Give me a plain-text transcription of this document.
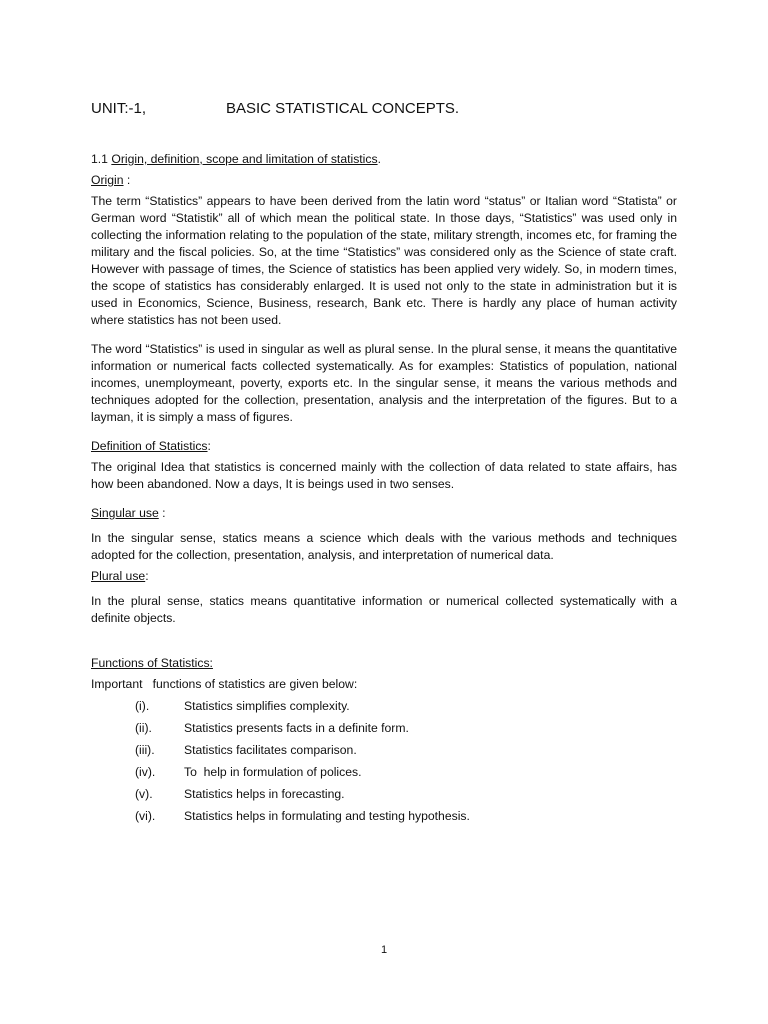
UNIT:-1,	BASIC STATISTICAL CONCEPTS.

1.1 Origin, definition, scope and limitation of statistics.

Origin :

The term “Statistics” appears to have been derived from the latin word “status” or Italian word “Statista” or German word “Statistik” all of which mean the political state. In those days, “Statistics” was used only in collecting the information relating to the population of the state, military strength, incomes etc, for framing the military and the fiscal policies. So, at the time “Statistics” was considered only as the Science of state craft. However with passage of times, the Science of statistics has been applied very widely. So, in modern times, the scope of statistics has considerably enlarged. It is used not only to the state in administration but it is used in Economics, Science, Business, research, Bank etc. There is hardly any place of human activity where statistics has not been used.

The word “Statistics” is used in singular as well as plural sense. In the plural sense, it means the quantitative information or numerical facts collected systematically. As for examples: Statistics of population, national incomes, unemploymeant, poverty, exports etc. In the singular sense, it means the various methods and techniques adopted for the collection, presentation, analysis and the interpretation of the figures. But to a layman, it is simply a mass of figures.

Definition of Statistics:

The original Idea that statistics is concerned mainly with the collection of data related to state affairs, has how been abandoned. Now a days, It is beings used in two senses.

Singular use :

In the singular sense, statics means a science which deals with the various methods and techniques adopted for the collection, presentation, analysis, and interpretation of numerical data.

Plural use:

In the plural sense, statics means quantitative information or numerical collected systematically with a definite objects.

Functions of Statistics:

Important   functions of statistics are given below:

(i).	Statistics simplifies complexity.
(ii).	Statistics presents facts in a definite form.
(iii). Statistics facilitates comparison.
(iv). To  help in formulation of polices.
(v).	Statistics helps in forecasting.
(vi). Statistics helps in formulating and testing hypothesis.
1
